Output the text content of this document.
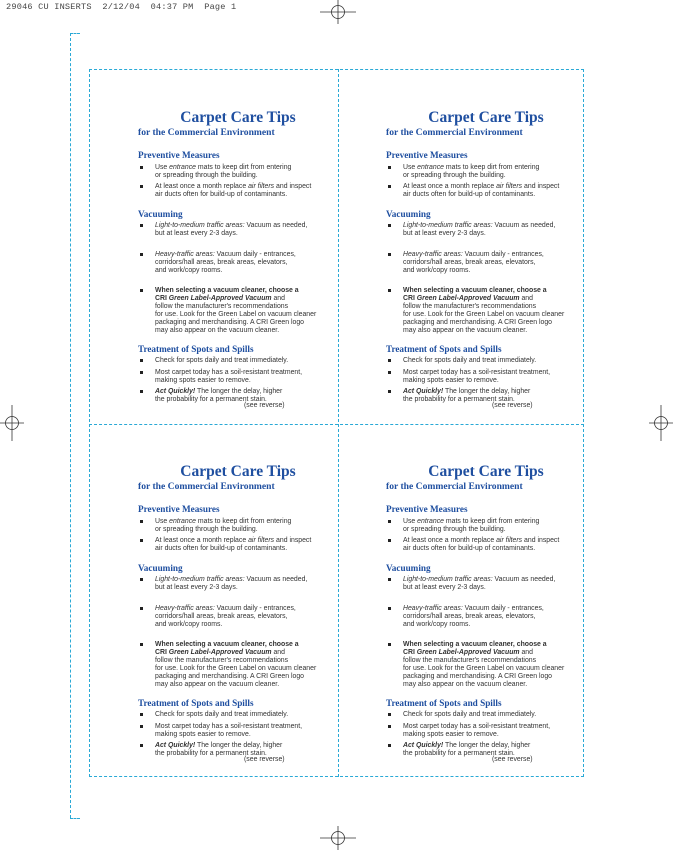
29046 CU INSERTS  2/12/04  04:37 PM  Page 1
Carpet Care Tips
for the Commercial Environment
Preventive Measures
Use entrance mats to keep dirt from entering
or spreading through the building.
At least once a month replace air filters and inspect
air ducts often for build-up of contaminants.
Vacuuming
Light-to-medium traffic areas: Vacuum as needed,
but at least every 2-3 days.
Heavy-traffic areas: Vacuum daily - entrances,
corridors/hall areas, break areas, elevators,
and work/copy rooms.
When selecting a vacuum cleaner, choose a
CRI Green Label-Approved Vacuum and
follow the manufacturer's recommendations
for use. Look for the Green Label on vacuum cleaner
packaging and merchandising. A CRI Green logo
may also appear on the vacuum cleaner.
Treatment of Spots and Spills
Check for spots daily and treat immediately.
Most carpet today has a soil-resistant treatment,
making spots easier to remove.
Act Quickly! The longer the delay, higher
the probability for a permanent stain.
(see reverse)
Carpet Care Tips
for the Commercial Environment
Preventive Measures
Use entrance mats to keep dirt from entering
or spreading through the building.
At least once a month replace air filters and inspect
air ducts often for build-up of contaminants.
Vacuuming
Light-to-medium traffic areas: Vacuum as needed,
but at least every 2-3 days.
Heavy-traffic areas: Vacuum daily - entrances,
corridors/hall areas, break areas, elevators,
and work/copy rooms.
When selecting a vacuum cleaner, choose a
CRI Green Label-Approved Vacuum and
follow the manufacturer's recommendations
for use. Look for the Green Label on vacuum cleaner
packaging and merchandising. A CRI Green logo
may also appear on the vacuum cleaner.
Treatment of Spots and Spills
Check for spots daily and treat immediately.
Most carpet today has a soil-resistant treatment,
making spots easier to remove.
Act Quickly! The longer the delay, higher
the probability for a permanent stain.
(see reverse)
Carpet Care Tips
for the Commercial Environment
Preventive Measures
Use entrance mats to keep dirt from entering
or spreading through the building.
At least once a month replace air filters and inspect
air ducts often for build-up of contaminants.
Vacuuming
Light-to-medium traffic areas: Vacuum as needed,
but at least every 2-3 days.
Heavy-traffic areas: Vacuum daily - entrances,
corridors/hall areas, break areas, elevators,
and work/copy rooms.
When selecting a vacuum cleaner, choose a
CRI Green Label-Approved Vacuum and
follow the manufacturer's recommendations
for use. Look for the Green Label on vacuum cleaner
packaging and merchandising. A CRI Green logo
may also appear on the vacuum cleaner.
Treatment of Spots and Spills
Check for spots daily and treat immediately.
Most carpet today has a soil-resistant treatment,
making spots easier to remove.
Act Quickly! The longer the delay, higher
the probability for a permanent stain.
(see reverse)
Carpet Care Tips
for the Commercial Environment
Preventive Measures
Use entrance mats to keep dirt from entering
or spreading through the building.
At least once a month replace air filters and inspect
air ducts often for build-up of contaminants.
Vacuuming
Light-to-medium traffic areas: Vacuum as needed,
but at least every 2-3 days.
Heavy-traffic areas: Vacuum daily - entrances,
corridors/hall areas, break areas, elevators,
and work/copy rooms.
When selecting a vacuum cleaner, choose a
CRI Green Label-Approved Vacuum and
follow the manufacturer's recommendations
for use. Look for the Green Label on vacuum cleaner
packaging and merchandising. A CRI Green logo
may also appear on the vacuum cleaner.
Treatment of Spots and Spills
Check for spots daily and treat immediately.
Most carpet today has a soil-resistant treatment,
making spots easier to remove.
Act Quickly! The longer the delay, higher
the probability for a permanent stain.
(see reverse)
